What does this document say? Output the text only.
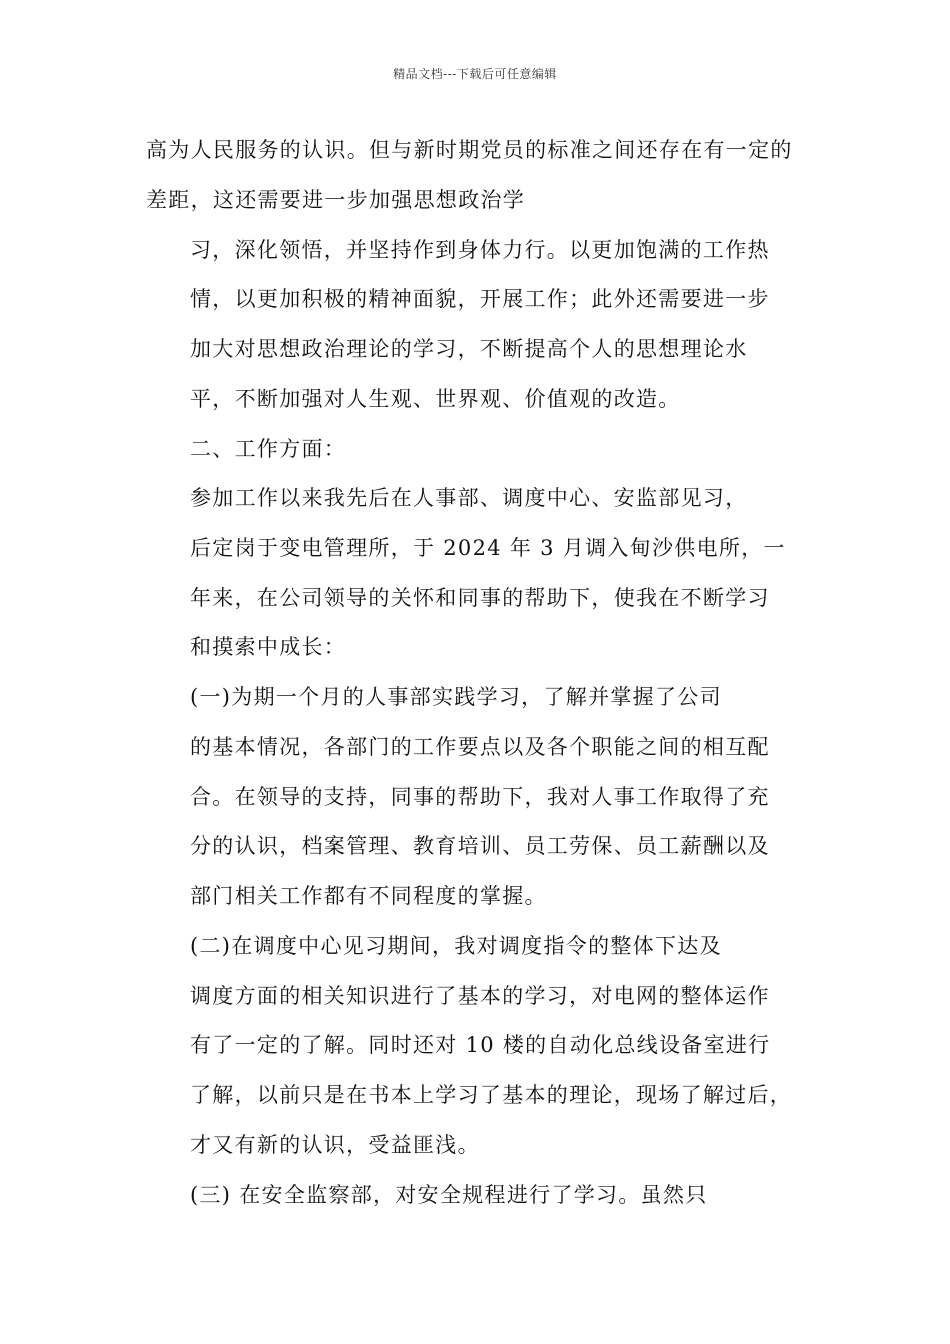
精品文档---下载后可任意编辑
高为人民服务的认识。但与新时期党员的标准之间还存在有一定的
差距，这还需要进一步加强思想政治学
习，深化领悟，并坚持作到身体力行。以更加饱满的工作热
情，以更加积极的精神面貌，开展工作；此外还需要进一步
加大对思想政治理论的学习，不断提高个人的思想理论水
平，不断加强对人生观、世界观、价值观的改造。
二、工作方面：
参加工作以来我先后在人事部、调度中心、安监部见习，
后定岗于变电管理所，于 2024 年 3 月调入甸沙供电所，一
年来，在公司领导的关怀和同事的帮助下，使我在不断学习
和摸索中成长：
(一)为期一个月的人事部实践学习，了解并掌握了公司
的基本情况，各部门的工作要点以及各个职能之间的相互配
合。在领导的支持，同事的帮助下，我对人事工作取得了充
分的认识，档案管理、教育培训、员工劳保、员工薪酬以及
部门相关工作都有不同程度的掌握。
(二)在调度中心见习期间，我对调度指令的整体下达及
调度方面的相关知识进行了基本的学习，对电网的整体运作
有了一定的了解。同时还对 10 楼的自动化总线设备室进行
了解，以前只是在书本上学习了基本的理论，现场了解过后，
才又有新的认识，受益匪浅。
(三) 在安全监察部，对安全规程进行了学习。虽然只
